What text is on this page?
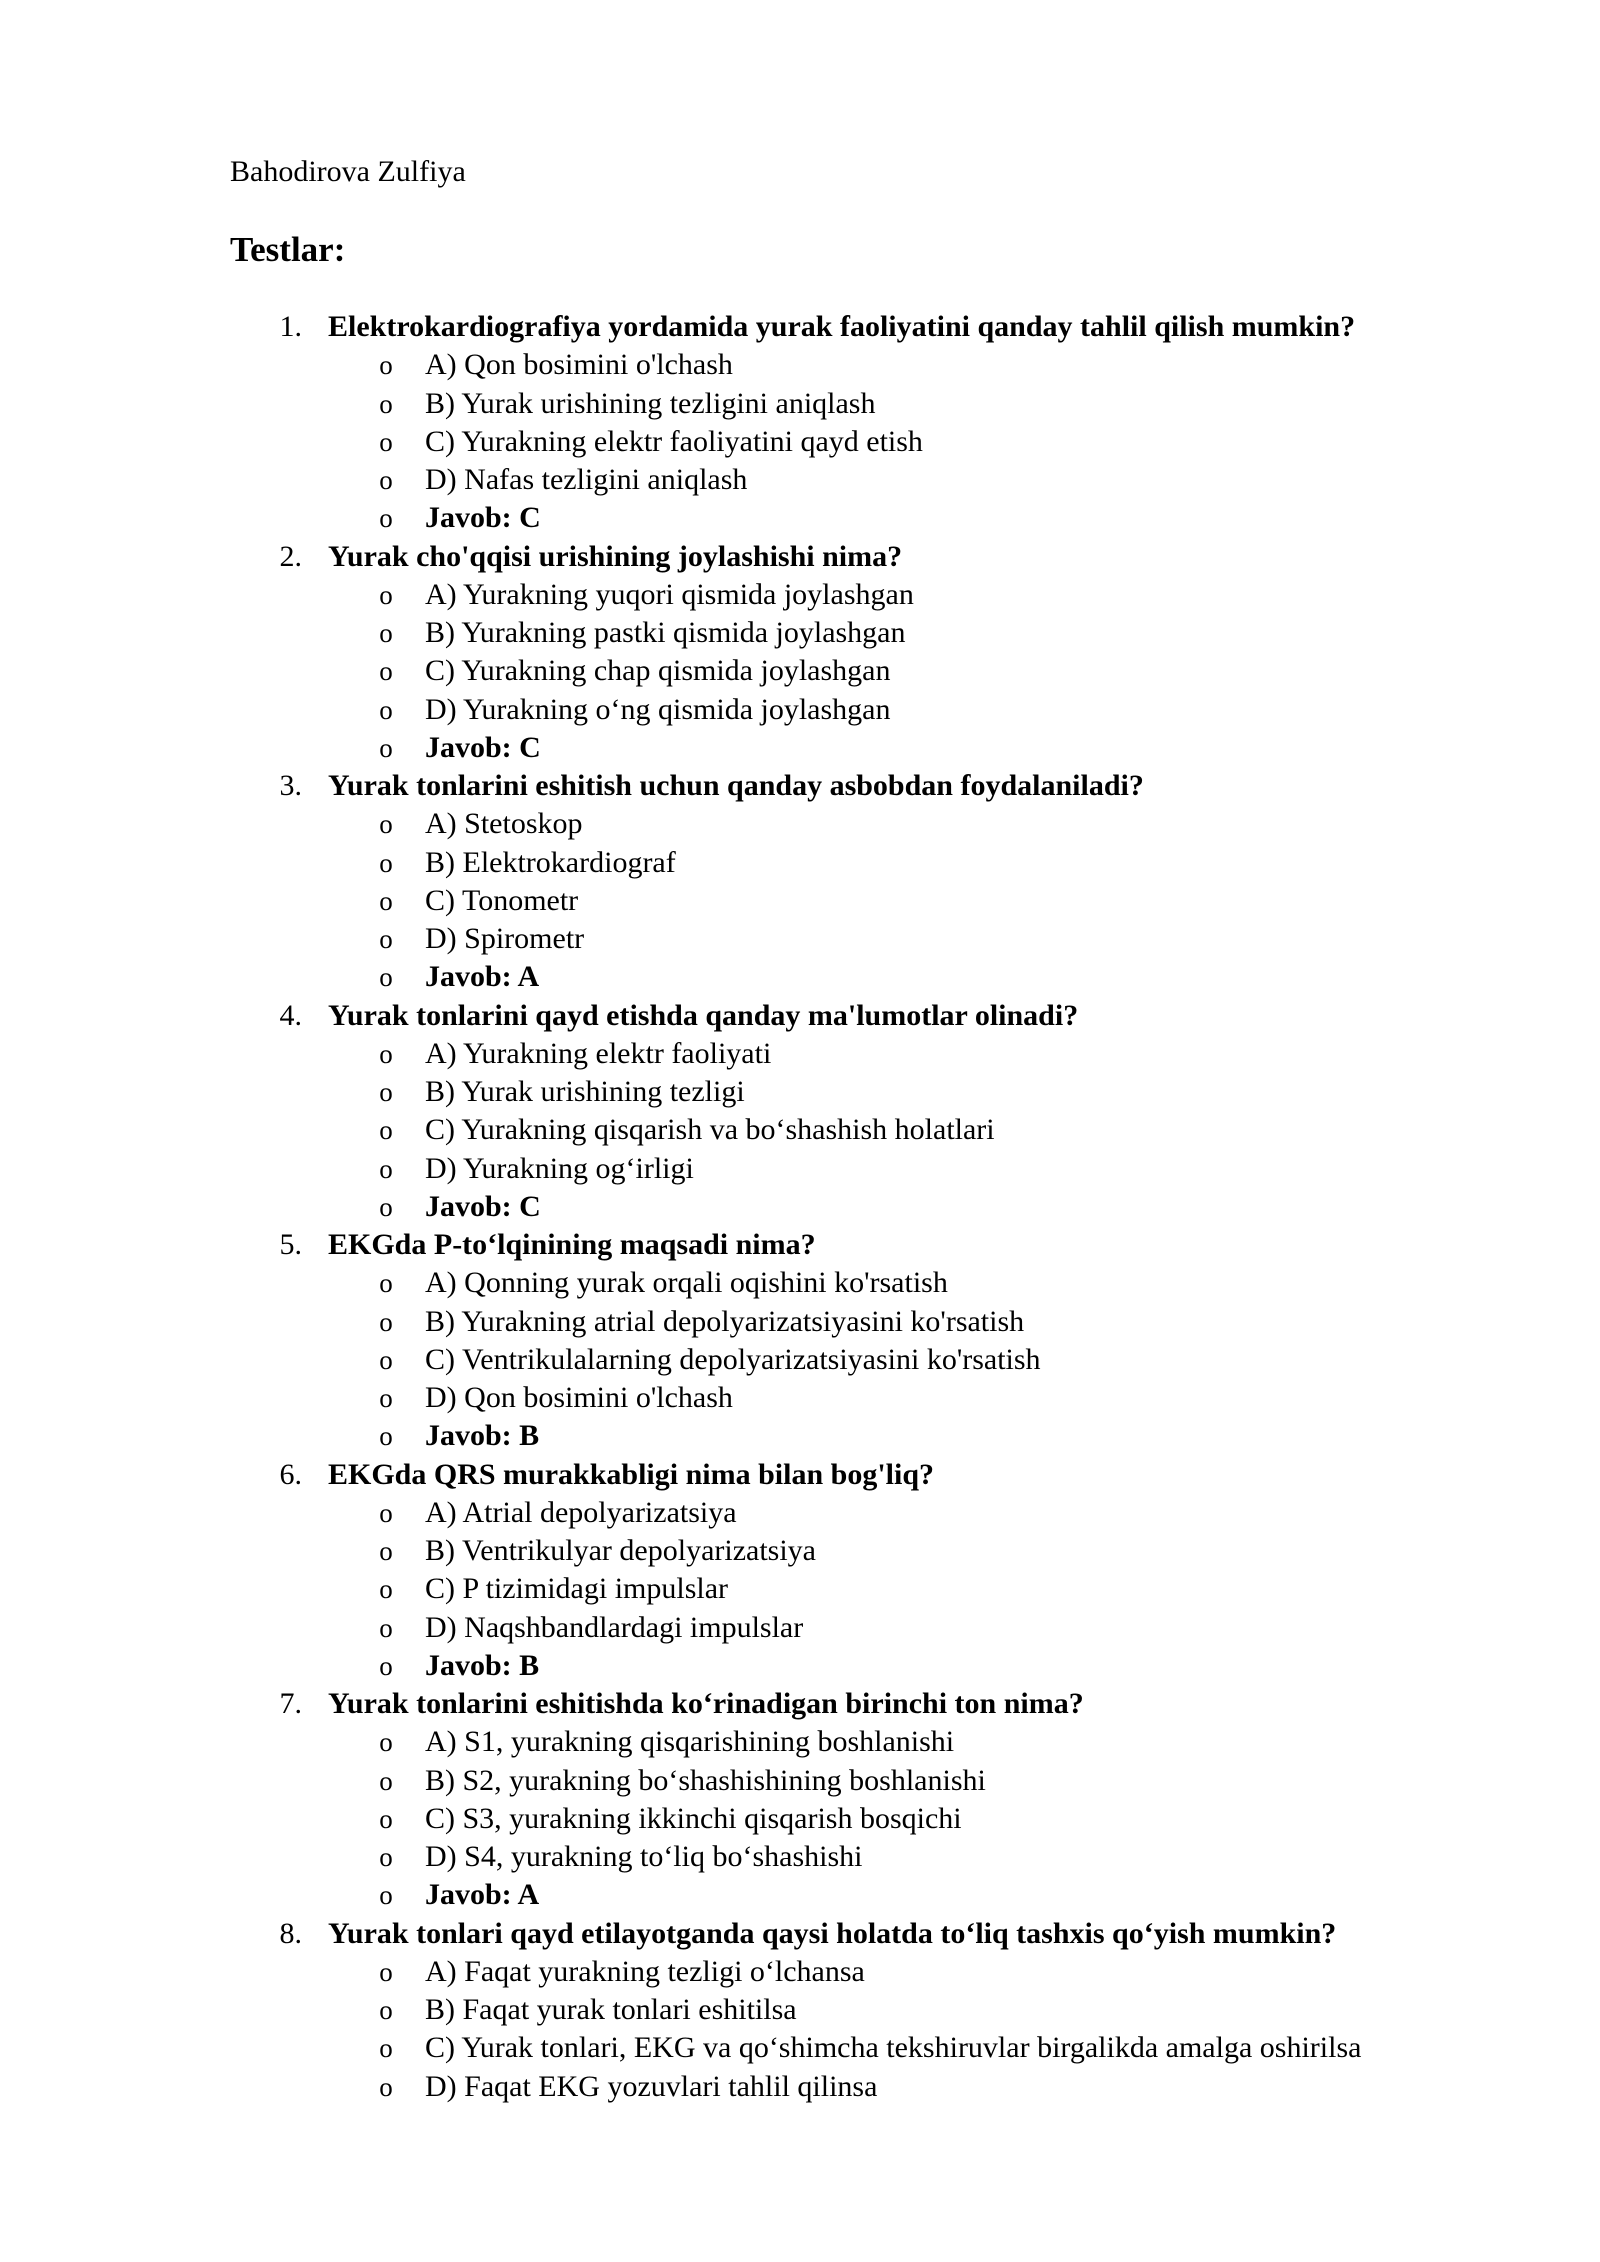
Bahodirova Zulfiya

Testlar:
1. Elektrokardiografiya yordamida yurak faoliyatini qanday tahlil qilish mumkin?
o A) Qon bosimini o'lchash
o B) Yurak urishining tezligini aniqlash
o C) Yurakning elektr faoliyatini qayd etish
o D) Nafas tezligini aniqlash
o Javob: C
2. Yurak cho'qqisi urishining joylashishi nima?
o A) Yurakning yuqori qismida joylashgan
o B) Yurakning pastki qismida joylashgan
o C) Yurakning chap qismida joylashgan
o D) Yurakning o‘ng qismida joylashgan
o Javob: C
3. Yurak tonlarini eshitish uchun qanday asbobdan foydalaniladi?
o A) Stetoskop
o B) Elektrokardiograf
o C) Tonometr
o D) Spirometr
o Javob: A
4. Yurak tonlarini qayd etishda qanday ma'lumotlar olinadi?
o A) Yurakning elektr faoliyati
o B) Yurak urishining tezligi
o C) Yurakning qisqarish va bo‘shashish holatlari
o D) Yurakning og‘irligi
o Javob: C
5. EKGda P-to‘lqinining maqsadi nima?
o A) Qonning yurak orqali oqishini ko'rsatish
o B) Yurakning atrial depolyarizatsiyasini ko'rsatish
o C) Ventrikulalarning depolyarizatsiyasini ko'rsatish
o D) Qon bosimini o'lchash
o Javob: B
6. EKGda QRS murakkabligi nima bilan bog'liq?
o A) Atrial depolyarizatsiya
o B) Ventrikulyar depolyarizatsiya
o C) P tizimidagi impulslar
o D) Naqshbandlardagi impulslar
o Javob: B
7. Yurak tonlarini eshitishda ko‘rinadigan birinchi ton nima?
o A) S1, yurakning qisqarishining boshlanishi
o B) S2, yurakning bo‘shashishining boshlanishi
o C) S3, yurakning ikkinchi qisqarish bosqichi
o D) S4, yurakning to‘liq bo‘shashishi
o Javob: A
8. Yurak tonlari qayd etilayotganda qaysi holatda to‘liq tashxis qo‘yish mumkin?
o A) Faqat yurakning tezligi o‘lchansa
o B) Faqat yurak tonlari eshitilsa
o C) Yurak tonlari, EKG va qo‘shimcha tekshiruvlar birgalikda amalga oshirilsa
o D) Faqat EKG yozuvlari tahlil qilinsa
